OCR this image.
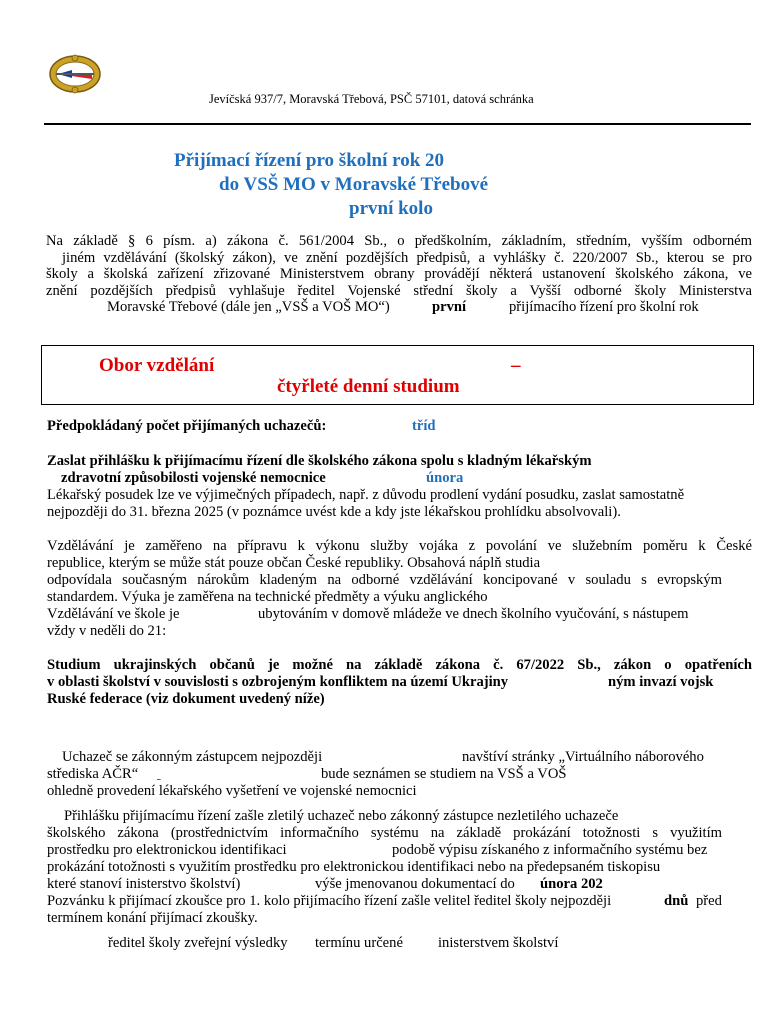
Jevíčská 937/7, Moravská Třebová, PSČ 57101, datová schránka
Přijímací řízení pro školní rok 20
do VSŠ MO v Moravské Třebové
první kolo
Na základě § 6 písm. a) zákona č. 561/2004 Sb., o předškolním, základním, středním, vyšším odborném
jiném vzdělávání (školský zákon), ve znění pozdějších předpisů, a vyhlášky č. 220/2007 Sb., kterou se pro
školy a školská zařízení zřizované Ministerstvem obrany provádějí některá ustanovení školského zákona, ve
znění pozdějších předpisů vyhlašuje ředitel Vojenské střední školy a Vyšší odborné školy Ministerstva
Moravské Třebové (dále jen „VSŠ a VOŠ MO“)	první	přijímacího řízení pro školní rok
Obor vzdělání	–
čtyřleté denní studium
Předpokládaný počet přijímaných uchazečů:	tříd
Zaslat přihlášku k přijímacímu řízení dle školského zákona spolu s kladným lékařským
zdravotní způsobilosti vojenské nemocnice	února
Lékařský posudek lze ve výjimečných případech, např. z důvodu prodlení vydání posudku, zaslat samostatně
nejpozději do 31. března 2025 (v poznámce uvést kde a kdy jste lékařskou prohlídku absolvovali).
Vzdělávání je zaměřeno na přípravu k výkonu služby vojáka z povolání ve služebním poměru k České
republice, kterým se může stát pouze občan České republiky. Obsahová náplň studia
odpovídala současným nárokům kladeným na odborné vzdělávání koncipované v souladu s evropským
standardem. Výuka je zaměřena na technické předměty a výuku anglického
Vzdělávání ve škole je	ubytováním v domově mládeže ve dnech školního vyučování, s nástupem
vždy v neděli do 21:
Studium ukrajinských občanů je možné na základě zákona č. 67/2022 Sb., zákon o opatřeních
v oblasti školství v souvislosti s ozbrojeným konfliktem na území Ukrajiny	ným invazí vojsk
Ruské federace (viz dokument uvedený níže)
Uchazeč se zákonným zástupcem nejpozději	navštíví stránky „Virtuálního náborového
střediska AČR“
	bude seznámen se studiem na VSŠ a VOŠ
ohledně provedení lékařského vyšetření ve vojenské nemocnici
Přihlášku přijímacímu řízení zašle zletilý uchazeč nebo zákonný zástupce nezletilého uchazeče
školského zákona (prostřednictvím informačního systému na základě prokázání totožnosti s využitím
prostředku pro elektronickou identifikaci	podobě výpisu získaného z informačního systému bez
prokázání totožnosti s využitím prostředku pro elektronickou identifikaci nebo na předepsaném tiskopisu
které stanoví inisterstvo školství)	výše jmenovanou dokumentací do února 202
Pozvánku k přijímací zkoušce pro 1. kolo přijímacího řízení zašle velitel ředitel školy nejpozději	dnů před
termínem konání přijímací zkoušky.
ředitel školy zveřejní výsledky termínu určené inisterstvem školství
